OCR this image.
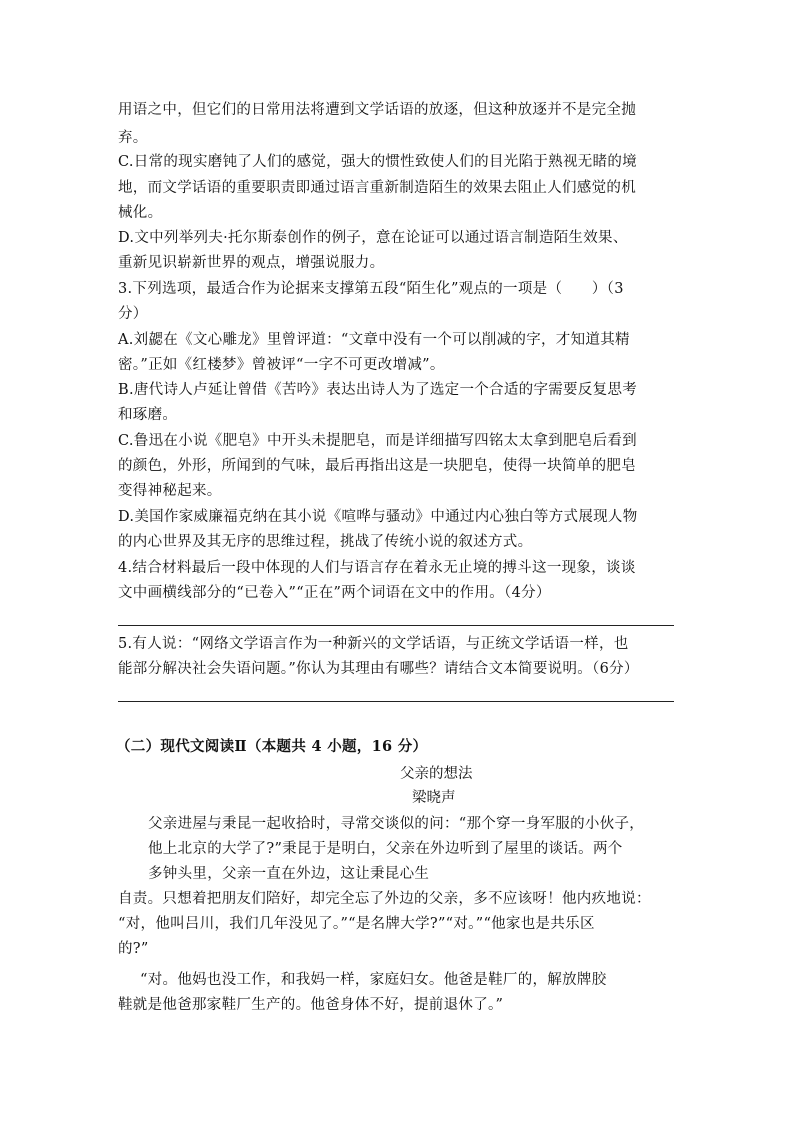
用语之中，但它们的日常用法将遭到文学话语的放逐，但这种放逐并不是完全抛
弃。
C.日常的现实磨钝了人们的感觉，强大的惯性致使人们的目光陷于熟视无睹的境
地，而文学话语的重要职责即通过语言重新制造陌生的效果去阻止人们感觉的机
械化。
D.文中列举列夫·托尔斯泰创作的例子，意在论证可以通过语言制造陌生效果、
重新见识崭新世界的观点，增强说服力。
3.下列选项，最适合作为论据来支撑第五段“陌生化”观点的一项是（　　）（3
分）
A.刘勰在《文心雕龙》里曾评道：“文章中没有一个可以削减的字，才知道其精
密。”正如《红楼梦》曾被评“一字不可更改增减”。
B.唐代诗人卢延让曾借《苦吟》表达出诗人为了选定一个合适的字需要反复思考
和琢磨。
C.鲁迅在小说《肥皂》中开头未提肥皂，而是详细描写四铭太太拿到肥皂后看到
的颜色，外形，所闻到的气味，最后再指出这是一块肥皂，使得一块简单的肥皂
变得神秘起来。
D.美国作家威廉福克纳在其小说《喧哗与骚动》中通过内心独白等方式展现人物
的内心世界及其无序的思维过程，挑战了传统小说的叙述方式。
4.结合材料最后一段中体现的人们与语言存在着永无止境的搏斗这一现象，谈谈
文中画横线部分的“已卷入”“正在”两个词语在文中的作用。（4分）
5.有人说：“网络文学语言作为一种新兴的文学话语，与正统文学话语一样，也
能部分解决社会失语问题。”你认为其理由有哪些？请结合文本简要说明。（6分）
（二）现代文阅读Ⅱ（本题共 4 小题，16 分）
父亲的想法
梁晓声
父亲进屋与秉昆一起收拾时，寻常交谈似的问：“那个穿一身军服的小伙子，
他上北京的大学了?”秉昆于是明白，父亲在外边听到了屋里的谈话。两个
多钟头里，父亲一直在外边，这让秉昆心生
自责。只想着把朋友们陪好，却完全忘了外边的父亲，多不应该呀！他内疚地说：
“对，他叫吕川，我们几年没见了。”“是名牌大学?”“对。”“他家也是共乐区
的?”
“对。他妈也没工作，和我妈一样，家庭妇女。他爸是鞋厂的，解放牌胶
鞋就是他爸那家鞋厂生产的。他爸身体不好，提前退休了。”
